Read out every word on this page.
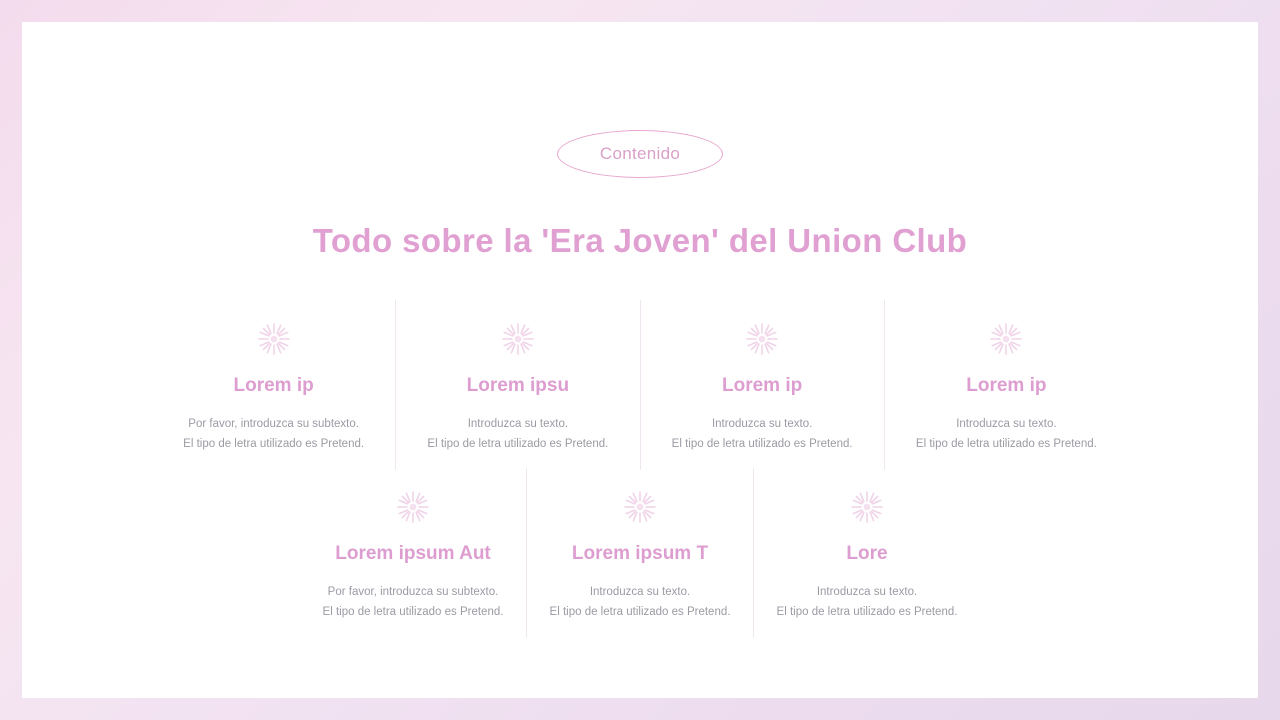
Contenido
Todo sobre la 'Era Joven' del Union Club
Lorem ip
Por favor, introduzca su subtexto.
El tipo de letra utilizado es Pretend.
Lorem ipsu
Introduzca su texto.
El tipo de letra utilizado es Pretend.
Lorem ip
Introduzca su texto.
El tipo de letra utilizado es Pretend.
Lorem ip
Introduzca su texto.
El tipo de letra utilizado es Pretend.
Lorem ipsum Aut
Por favor, introduzca su subtexto.
El tipo de letra utilizado es Pretend.
Lorem ipsum T
Introduzca su texto.
El tipo de letra utilizado es Pretend.
Lore
Introduzca su texto.
El tipo de letra utilizado es Pretend.
